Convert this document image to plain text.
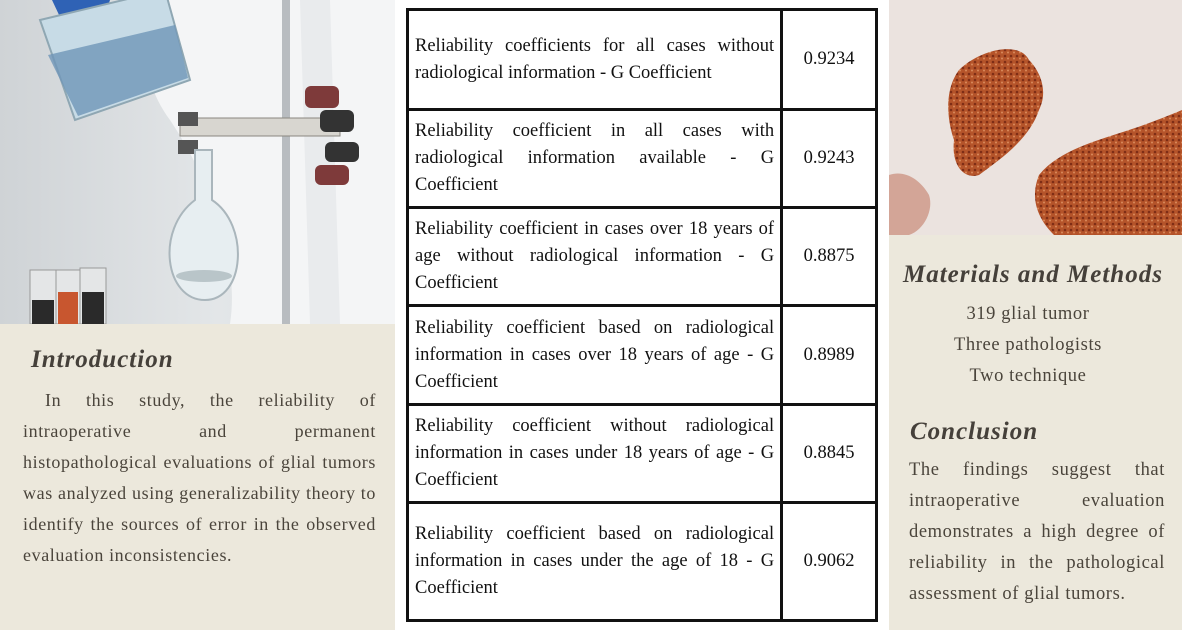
Introduction

In this study, the reliability of intraoperative and permanent histopathological evaluations of glial tumors was analyzed using generalizability theory to identify the sources of error in the observed evaluation inconsistencies.

Reliability coefficients for all cases without radiological information - G Coefficient	0.9234
Reliability coefficient in all cases with radiological information available - G Coefficient	0.9243
Reliability coefficient in cases over 18 years of age without radiological information - G Coefficient	0.8875
Reliability coefficient based on radiological information in cases over 18 years of age - G Coefficient	0.8989
Reliability coefficient without radiological information in cases under 18 years of age - G Coefficient	0.8845
Reliability coefficient based on radiological information in cases under the age of 18 - G Coefficient	0.9062
Materials and Methods
319 glial tumor
Three pathologists
Two technique
Conclusion

The findings suggest that intraoperative evaluation demonstrates a high degree of reliability in the pathological assessment of glial tumors.
